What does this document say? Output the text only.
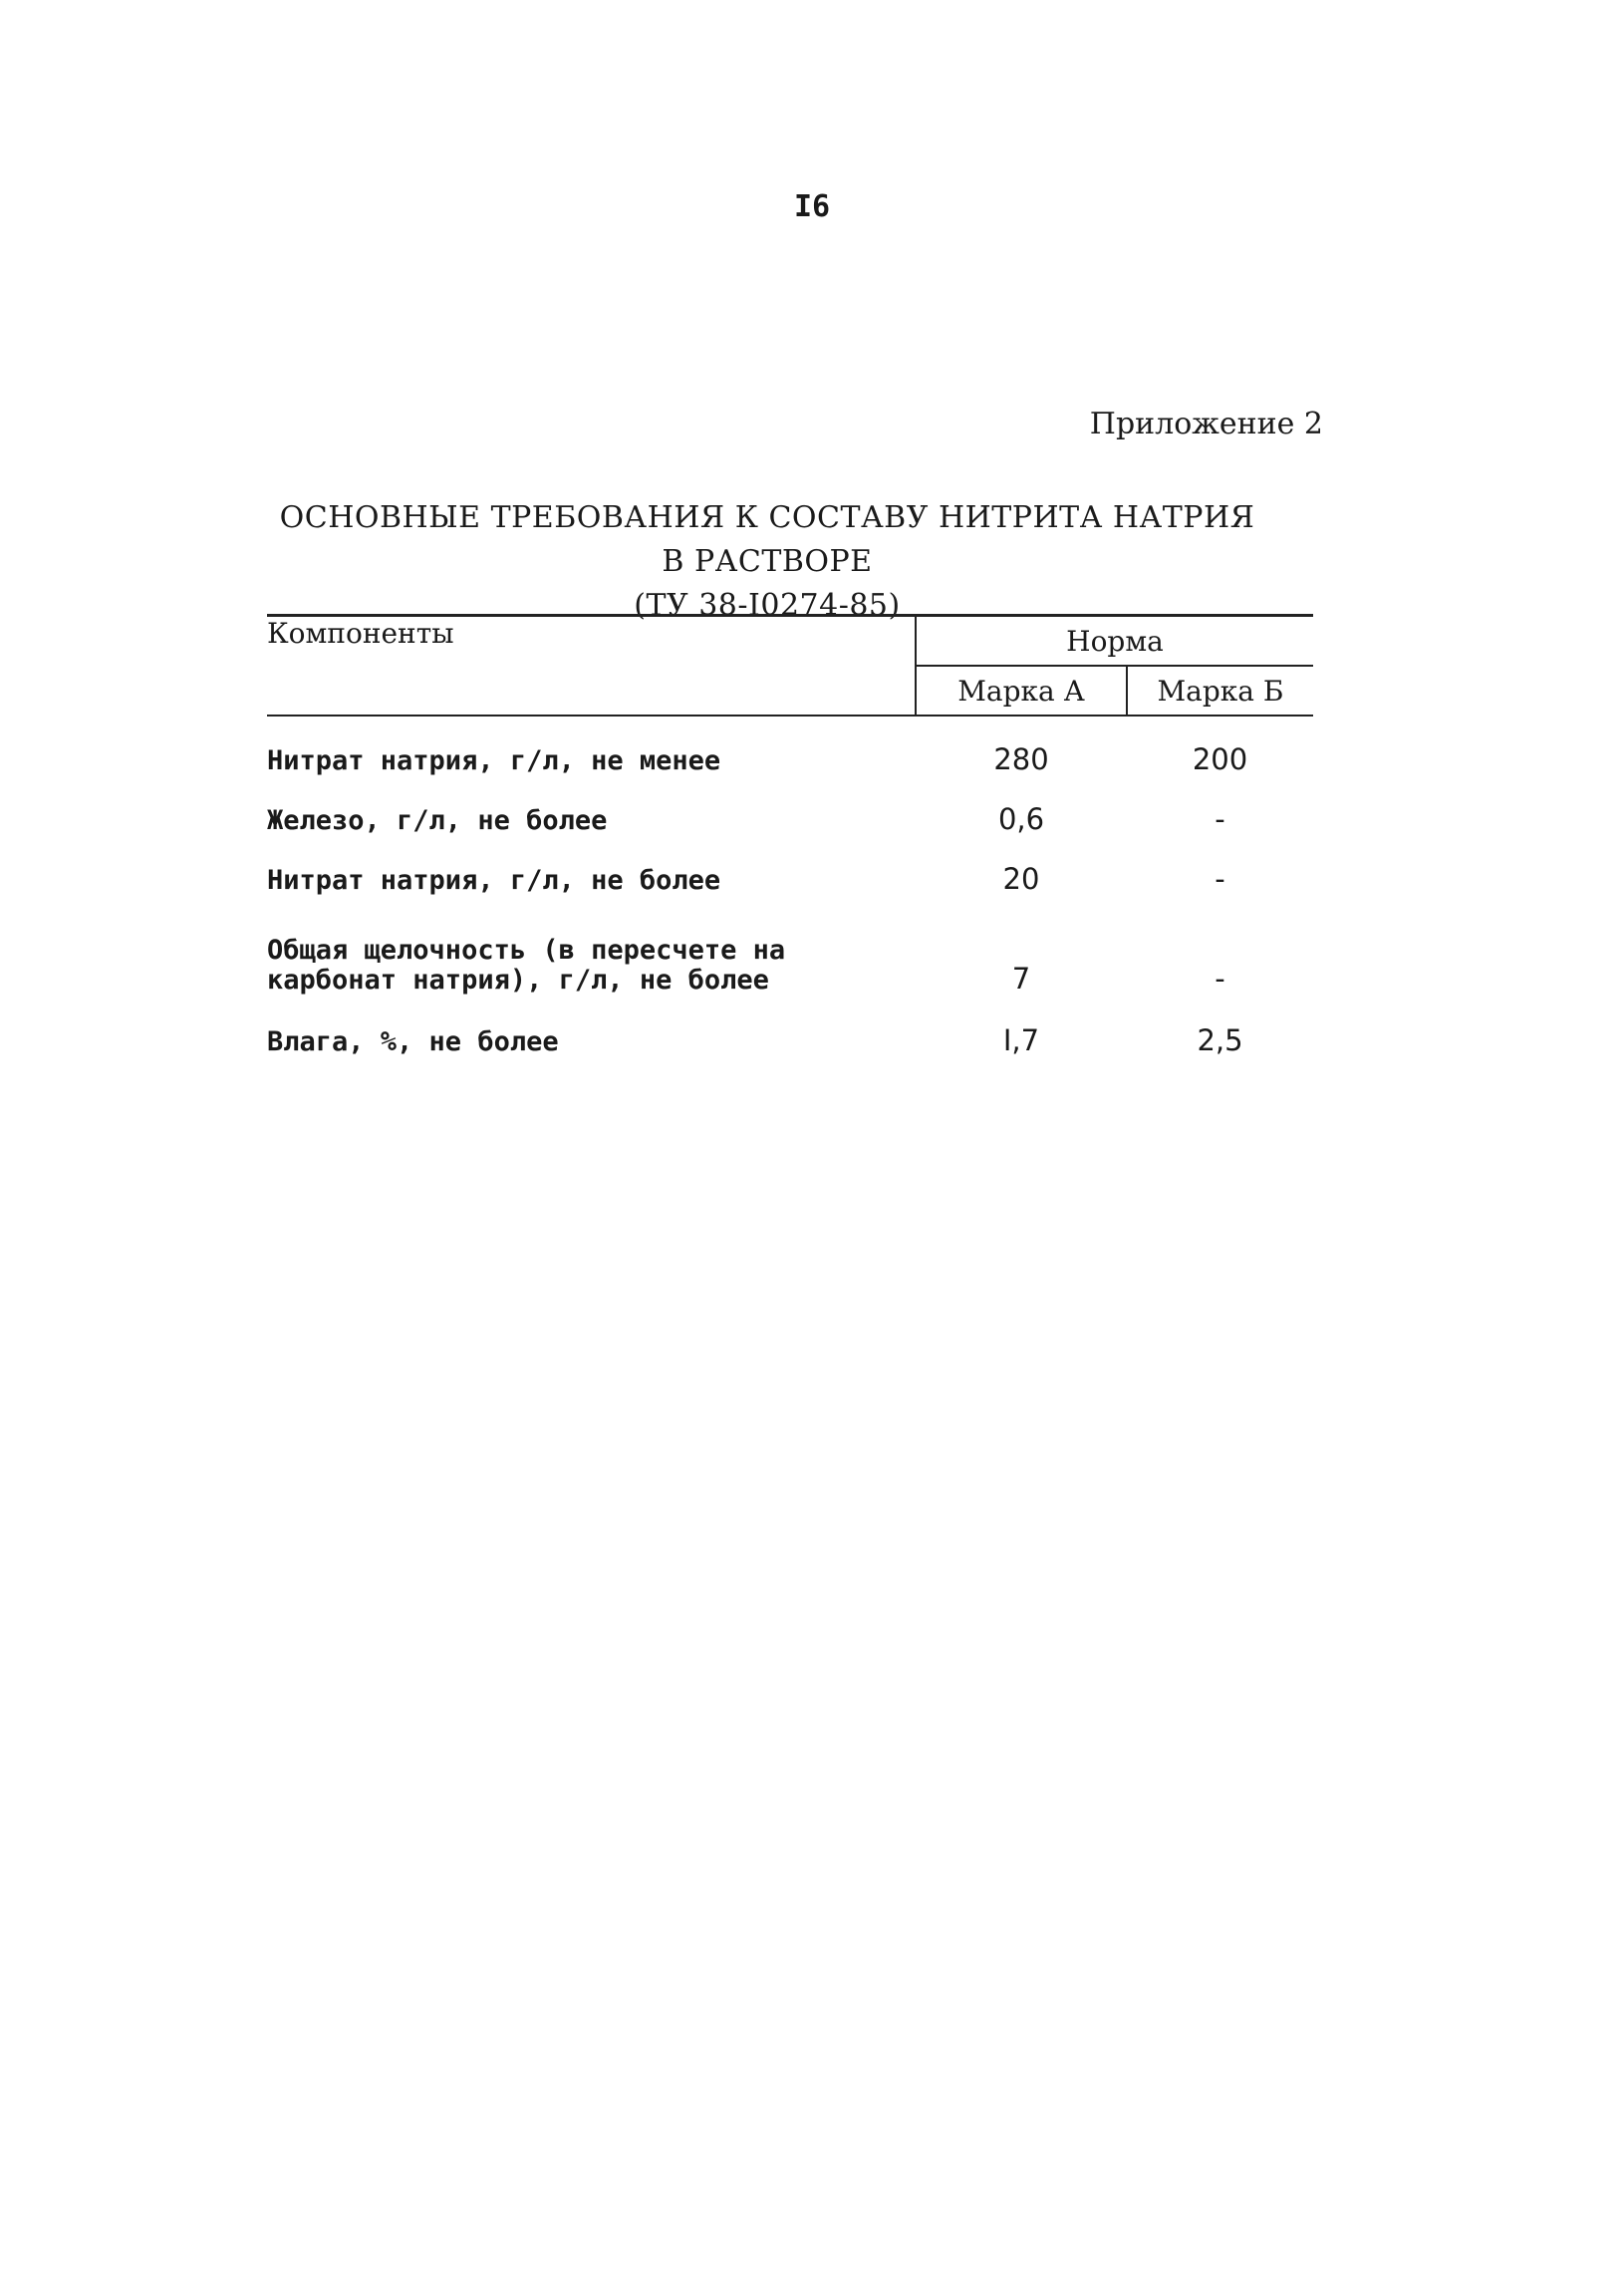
I6
Приложение 2
ОСНОВНЫЕ ТРЕБОВАНИЯ К СОСТАВУ НИТРИТА НАТРИЯ В РАСТВОРЕ
(ТУ 38-I0274-85)
Компоненты	Норма	
	Марка А	Марка Б
Нитрат натрия, г/л, не менее	280	200
Железо, г/л, не более	0,6	-
Нитрат натрия, г/л, не более	20	-
Общая щелочность (в пересчете на карбонат натрия), г/л, не более	7	-
Влага, %, не более	I,7	2,5
